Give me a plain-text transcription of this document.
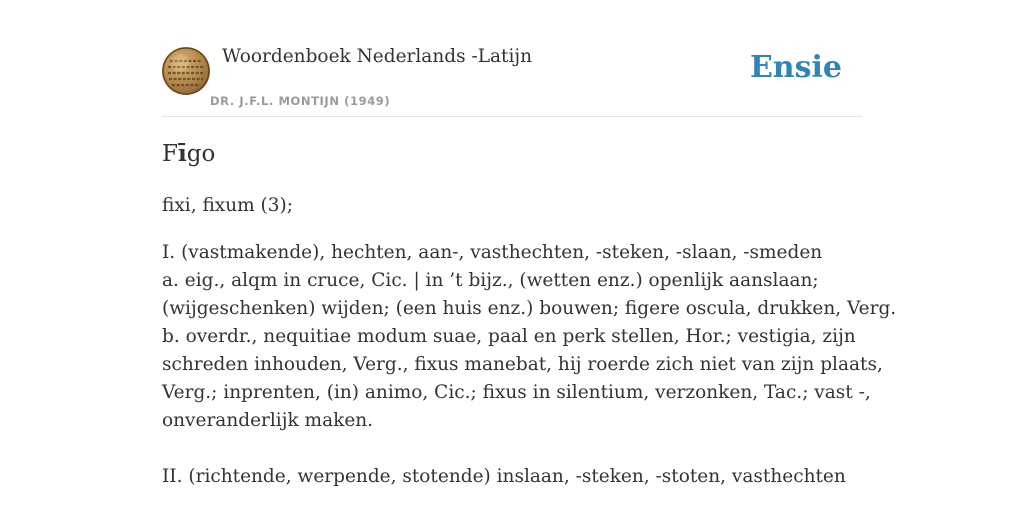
Woordenboek Nederlands -Latijn
DR. J.F.L. MONTIJN (1949)
Ensie
Fīgo
fixi, fixum (3);
I. (vastmakende), hechten, aan-, vasthechten, -steken, -slaan, -smeden
a. eig., alqm in cruce, Cic. | in ’t bijz., (wetten enz.) openlijk aanslaan;
(wijgeschenken) wijden; (een huis enz.) bouwen; figere oscula, drukken, Verg.
b. overdr., nequitiae modum suae, paal en perk stellen, Hor.; vestigia, zijn
schreden inhouden, Verg., fixus manebat, hij roerde zich niet van zijn plaats,
Verg.; inprenten, (in) animo, Cic.; fixus in silentium, verzonken, Tac.; vast -,
onveranderlijk maken.
II. (richtende, werpende, stotende) inslaan, -steken, -stoten, vasthechten
